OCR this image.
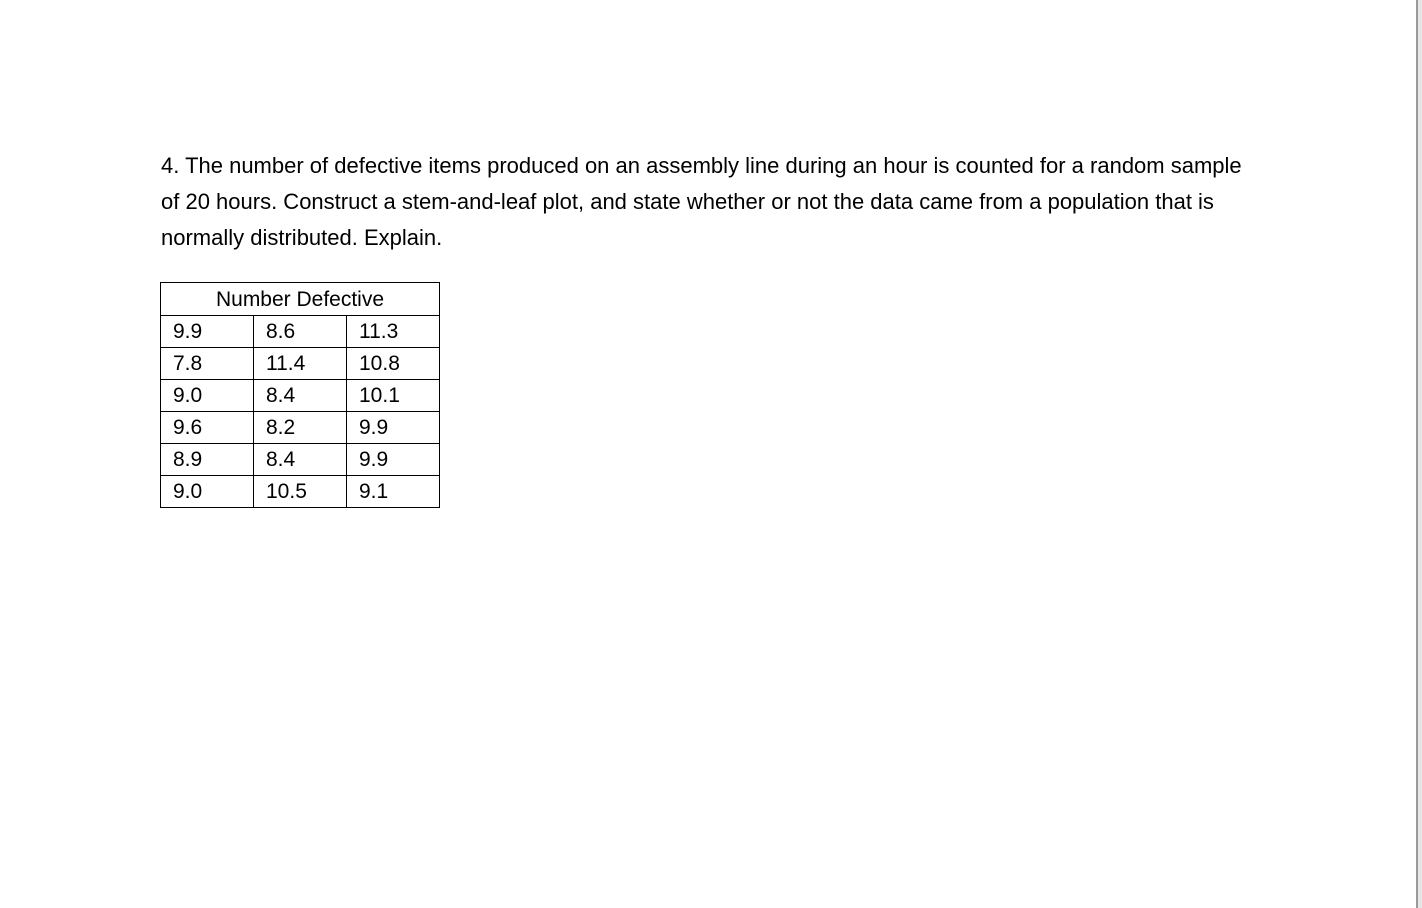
4. The number of defective items produced on an assembly line during an hour is counted for a random sample of 20 hours. Construct a stem-and-leaf plot, and state whether or not the data came from a population that is normally distributed. Explain.

Number Defective		
9.9	8.6	11.3
7.8	11.4	10.8
9.0	8.4	10.1
9.6	8.2	9.9
8.9	8.4	9.9
9.0	10.5	9.1
